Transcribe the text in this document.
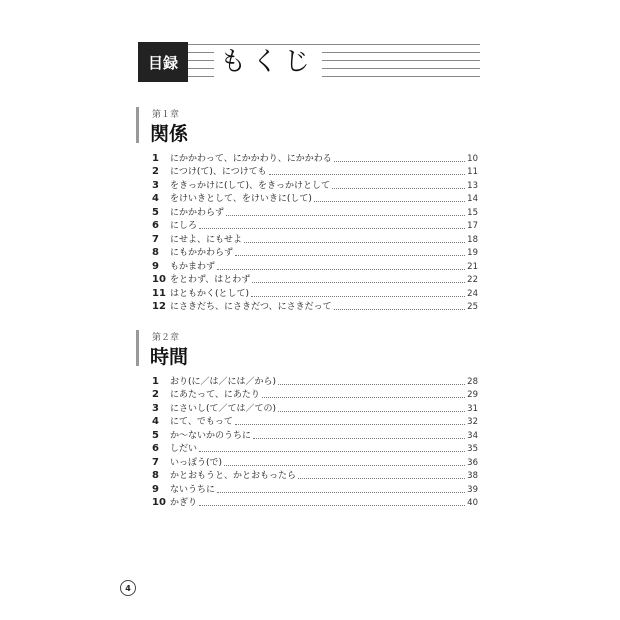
目録	もくじ
第１章
関係
1	にかかわって、にかかわり、にかかわる	10
2	につけ(て)、につけても	11
3	をきっかけに(して)、をきっかけとして	13
4	をけいきとして、をけいきに(して)	14
5	にかかわらず	15
6	にしろ	17
7	にせよ、にもせよ	18
8	にもかかわらず	19
9	もかまわず	21
10 をとわず、はとわず	22
11 はともかく(として)	24
12 にさきだち、にさきだつ、にさきだって	25
第２章
時間
1	おり(に／は／には／から)	28
2	にあたって、にあたり	29
3	にさいし(て／ては／ての)	31
4	にて、でもって	32
5	か～ないかのうちに	34
6	しだい	35
7	いっぽう(で)	36
8	かとおもうと、かとおもったら	38
9	ないうちに	39
10 かぎり	40
4
